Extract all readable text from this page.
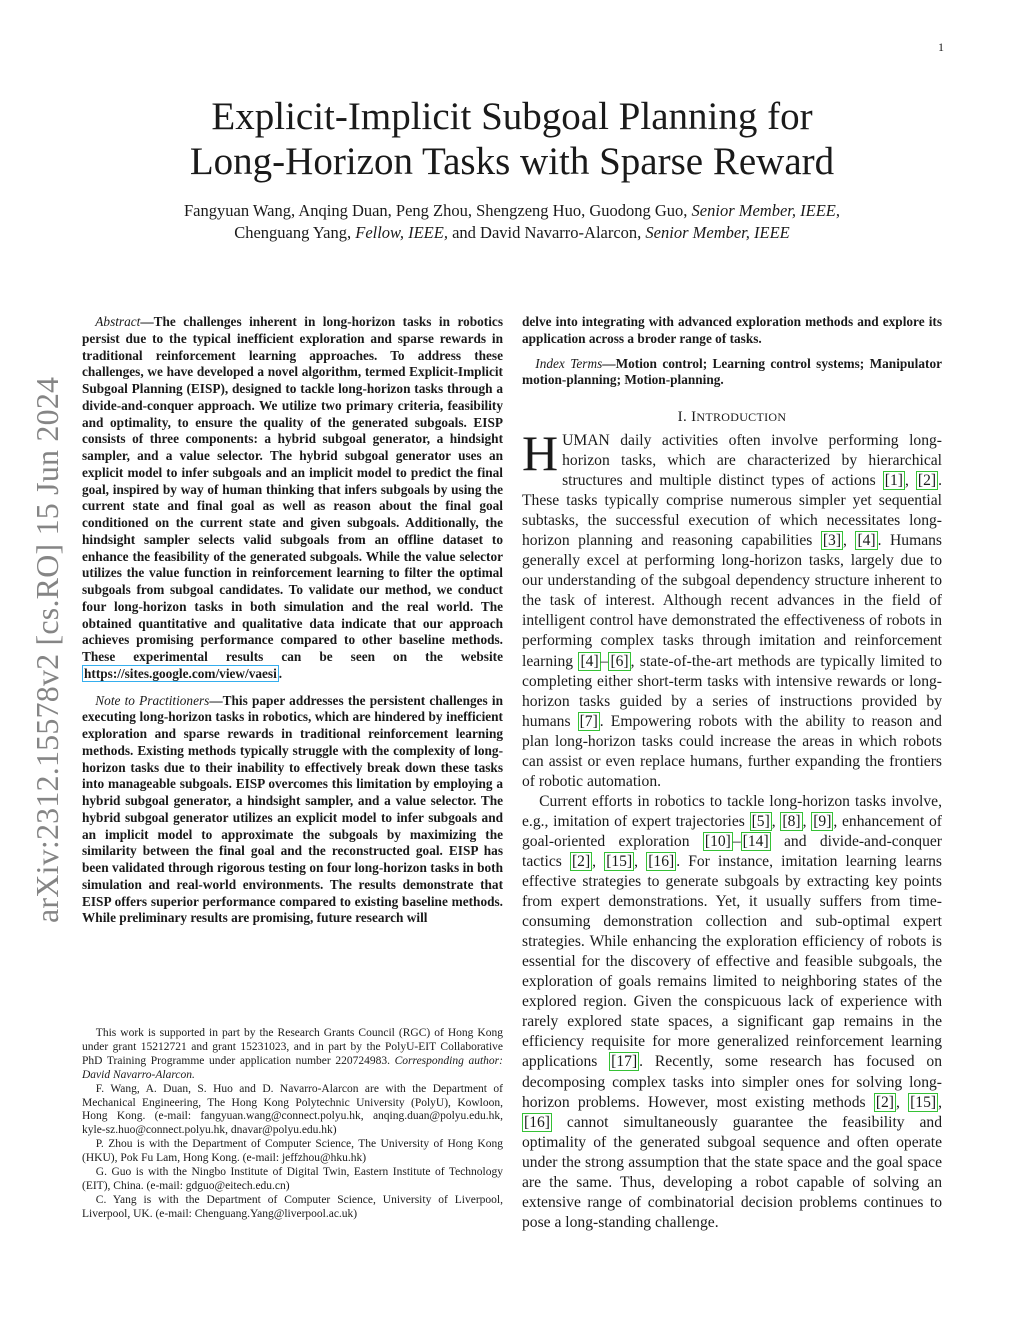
1
arXiv:2312.15578v2 [cs.RO] 15 Jun 2024
Explicit-Implicit Subgoal Planning for
Long-Horizon Tasks with Sparse Reward
Fangyuan Wang, Anqing Duan, Peng Zhou, Shengzeng Huo, Guodong Guo, Senior Member, IEEE,
Chenguang Yang, Fellow, IEEE, and David Navarro-Alarcon, Senior Member, IEEE

Abstract—The challenges inherent in long-horizon tasks in robotics persist due to the typical inefficient exploration and sparse rewards in traditional reinforcement learning approaches. To address these challenges, we have developed a novel algorithm, termed Explicit-Implicit Subgoal Planning (EISP), designed to tackle long-horizon tasks through a divide-and-conquer approach. We utilize two primary criteria, feasibility and optimality, to ensure the quality of the generated subgoals. EISP consists of three components: a hybrid subgoal generator, a hindsight sampler, and a value selector. The hybrid subgoal generator uses an explicit model to infer subgoals and an implicit model to predict the final goal, inspired by way of human thinking that infers subgoals by using the current state and final goal as well as reason about the final goal conditioned on the current state and given subgoals. Additionally, the hindsight sampler selects valid subgoals from an offline dataset to enhance the feasibility of the generated subgoals. While the value selector utilizes the value function in reinforcement learning to filter the optimal subgoals from subgoal candidates. To validate our method, we conduct four long-horizon tasks in both simulation and the real world. The obtained quantitative and qualitative data indicate that our approach achieves promising performance compared to other baseline methods. These experimental results can be seen on the website https://sites.google.com/view/vaesi .

Note to Practitioners—This paper addresses the persistent challenges in executing long-horizon tasks in robotics, which are hindered by inefficient exploration and sparse rewards in traditional reinforcement learning methods. Existing methods typically struggle with the complexity of long-horizon tasks due to their inability to effectively break down these tasks into manageable subgoals. EISP overcomes this limitation by employing a hybrid subgoal generator, a hindsight sampler, and a value selector. The hybrid subgoal generator utilizes an explicit model to infer subgoals and an implicit model to approximate the subgoals by maximizing the similarity between the final goal and the reconstructed goal. EISP has been validated through rigorous testing on four long-horizon tasks in both simulation and real-world environments. The results demonstrate that EISP offers superior performance compared to existing baseline methods. While preliminary results are promising, future research will

This work is supported in part by the Research Grants Council (RGC) of Hong Kong under grant 15212721 and grant 15231023, and in part by the PolyU-EIT Collaborative PhD Training Programme under application number 220724983. Corresponding author: David Navarro-Alarcon.

F. Wang, A. Duan, S. Huo and D. Navarro-Alarcon are with the Department of Mechanical Engineering, The Hong Kong Polytechnic University (PolyU), Kowloon, Hong Kong. (e-mail: fangyuan.wang@connect.polyu.hk, anqing.duan@polyu.edu.hk, kyle-sz.huo@connect.polyu.hk, dnavar@polyu.edu.hk)

P. Zhou is with the Department of Computer Science, The University of Hong Kong (HKU), Pok Fu Lam, Hong Kong. (e-mail: jeffzhou@hku.hk)

G. Guo is with the Ningbo Institute of Digital Twin, Eastern Institute of Technology (EIT), China. (e-mail: gdguo@eitech.edu.cn)

C. Yang is with the Department of Computer Science, University of Liverpool, Liverpool, UK. (e-mail: Chenguang.Yang@liverpool.ac.uk)

delve into integrating with advanced exploration methods and explore its application across a broder range of tasks.

Index Terms—Motion control; Learning control systems; Manipulator motion-planning; Motion-planning.

I. INTRODUCTION

HUMAN daily activities often involve performing long-horizon tasks, which are characterized by hierarchical structures and multiple distinct types of actions [1] , [2] . These tasks typically comprise numerous simpler yet sequential subtasks, the successful execution of which necessitates long-horizon planning and reasoning capabilities [3] , [4] . Humans generally excel at performing long-horizon tasks, largely due to our understanding of the subgoal dependency structure inherent to the task of interest. Although recent advances in the field of intelligent control have demonstrated the effectiveness of robots in performing complex tasks through imitation and reinforcement learning [4] – [6] , state-of-the-art methods are typically limited to completing either short-term tasks with intensive rewards or long-horizon tasks guided by a series of instructions provided by humans [7] . Empowering robots with the ability to reason and plan long-horizon tasks could increase the areas in which robots can assist or even replace humans, further expanding the frontiers of robotic automation.

Current efforts in robotics to tackle long-horizon tasks involve, e.g., imitation of expert trajectories [5] , [8] , [9] , enhancement of goal-oriented exploration [10] – [14] and divide-and-conquer tactics [2] , [15] , [16] . For instance, imitation learning learns effective strategies to generate subgoals by extracting key points from expert demonstrations. Yet, it usually suffers from time-consuming demonstration collection and sub-optimal expert strategies. While enhancing the exploration efficiency of robots is essential for the discovery of effective and feasible subgoals, the exploration of goals remains limited to neighboring states of the explored region. Given the conspicuous lack of experience with rarely explored state spaces, a significant gap remains in the efficiency requisite for more generalized reinforcement learning applications [17] . Recently, some research has focused on decomposing complex tasks into simpler ones for solving long-horizon problems. However, most existing methods [2] , [15] , [16] cannot simultaneously guarantee the feasibility and optimality of the generated subgoal sequence and often operate under the strong assumption that the state space and the goal space are the same. Thus, developing a robot capable of solving an extensive range of combinatorial decision problems continues to pose a long-standing challenge.
